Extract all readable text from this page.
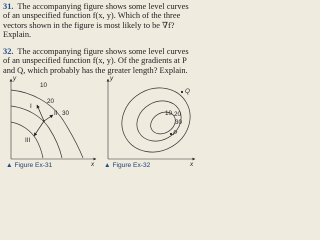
31. The accompanying figure shows some level curves of an unspecified function f(x, y). Which of the three vectors shown in the figure is most likely to be ∇f? Explain.
32. The accompanying figure shows some level curves of an unspecified function f(x, y). Of the gradients at P and Q, which probably has the greater length? Explain.
y
x
10
20
30
I
II
III
▲ Figure Ex-31
y
x
10 20
30
Q
P
▲ Figure Ex-32
